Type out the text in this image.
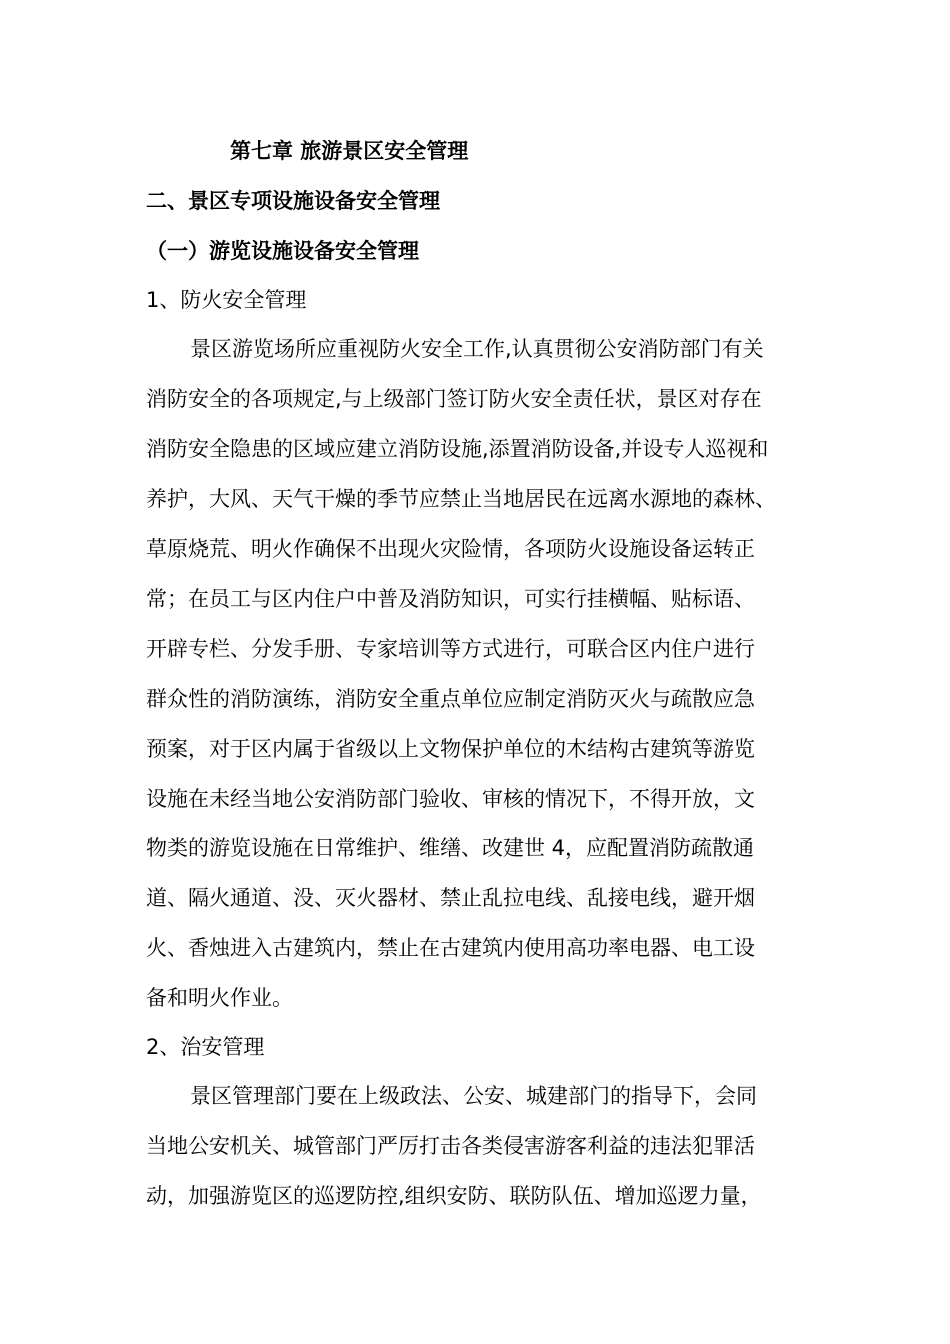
第七章 旅游景区安全管理
二、景区专项设施设备安全管理
（一）游览设施设备安全管理
1、防火安全管理
景区游览场所应重视防火安全工作,认真贯彻公安消防部门有关
消防安全的各项规定,与上级部门签订防火安全责任状，景区对存在
消防安全隐患的区域应建立消防设施,添置消防设备,并设专人巡视和
养护，大风、天气干燥的季节应禁止当地居民在远离水源地的森林、
草原烧荒、明火作确保不出现火灾险情，各项防火设施设备运转正
常；在员工与区内住户中普及消防知识，可实行挂横幅、贴标语、
开辟专栏、分发手册、专家培训等方式进行，可联合区内住户进行
群众性的消防演练，消防安全重点单位应制定消防灭火与疏散应急
预案，对于区内属于省级以上文物保护单位的木结构古建筑等游览
设施在未经当地公安消防部门验收、审核的情况下，不得开放，文
物类的游览设施在日常维护、维缮、改建世 4，应配置消防疏散通
道、隔火通道、没、灭火器材、禁止乱拉电线、乱接电线，避开烟
火、香烛进入古建筑内，禁止在古建筑内使用高功率电器、电工设
备和明火作业。
2、治安管理
景区管理部门要在上级政法、公安、城建部门的指导下，会同
当地公安机关、城管部门严厉打击各类侵害游客利益的违法犯罪活
动，加强游览区的巡逻防控,组织安防、联防队伍、增加巡逻力量，
